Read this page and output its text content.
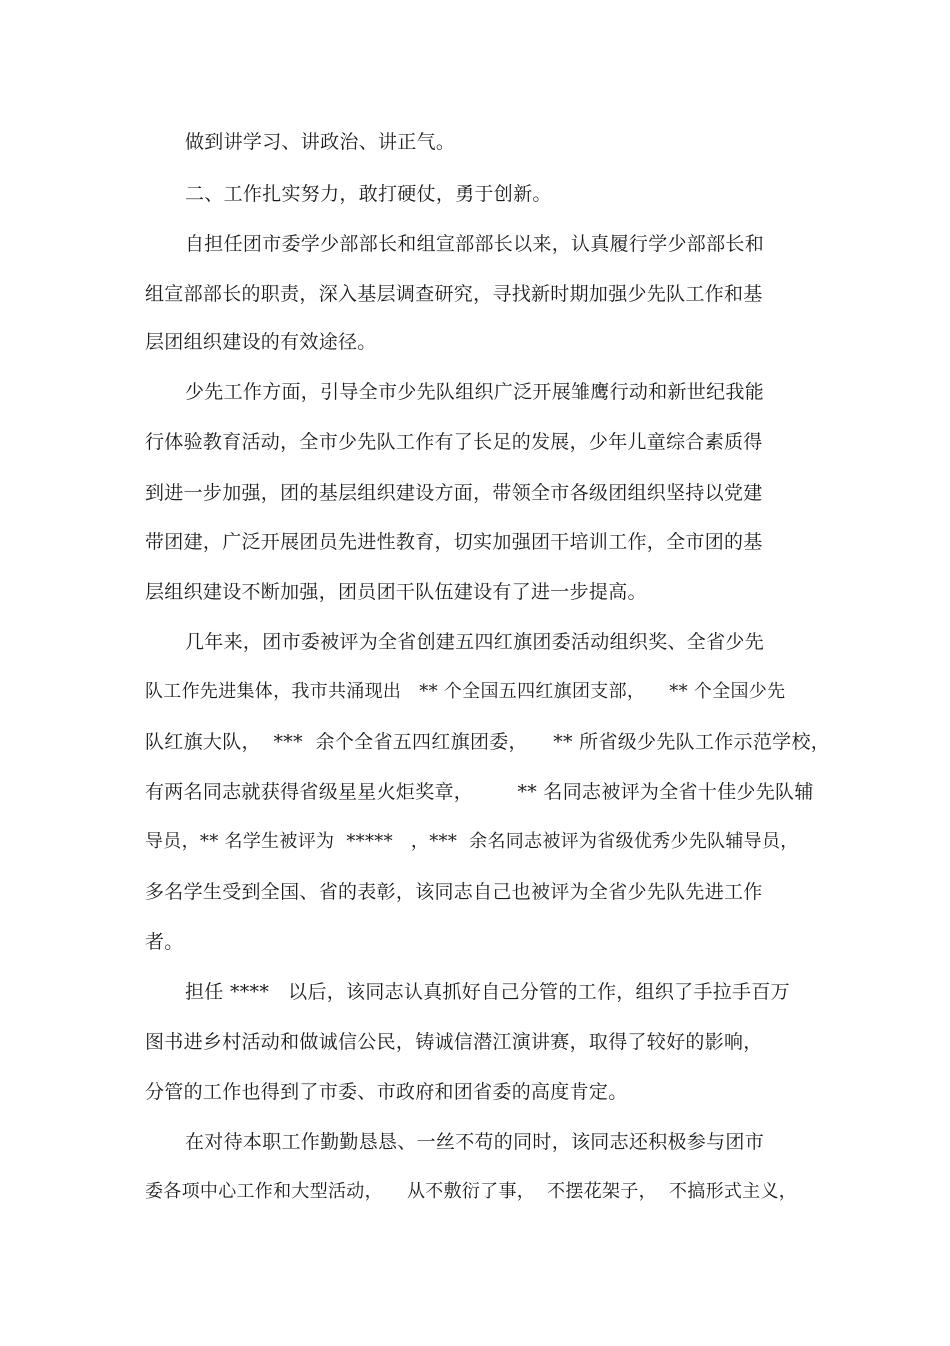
做到讲学习、讲政治、讲正气。
二、工作扎实努力，敢打硬仗，勇于创新。
自担任团市委学少部部长和组宣部部长以来，认真履行学少部部长和
组宣部部长的职责，深入基层调查研究，寻找新时期加强少先队工作和基
层团组织建设的有效途径。
少先工作方面，引导全市少先队组织广泛开展雏鹰行动和新世纪我能
行体验教育活动，全市少先队工作有了长足的发展，少年儿童综合素质得
到进一步加强，团的基层组织建设方面，带领全市各级团组织坚持以党建
带团建，广泛开展团员先进性教育，切实加强团干培训工作，全市团的基
层组织建设不断加强，团员团干队伍建设有了进一步提高。
几年来，团市委被评为全省创建五四红旗团委活动组织奖、全省少先
队工作先进集体，我市共涌现出   ** 个全国五四红旗团支部，    ** 个全国少先
队红旗大队，  ***  余个全省五四红旗团委，    ** 所省级少先队工作示范学校，
有两名同志就获得省级星星火炬奖章，       ** 名同志被评为全省十佳少先队辅
导员，** 名学生被评为  *****   ，***  余名同志被评为省级优秀少先队辅导员，
多名学生受到全国、省的表彰，该同志自己也被评为全省少先队先进工作
者。
担任 ****   以后，该同志认真抓好自己分管的工作，组织了手拉手百万
图书进乡村活动和做诚信公民，铸诚信潜江演讲赛，取得了较好的影响，
分管的工作也得到了市委、市政府和团省委的高度肯定。
在对待本职工作勤勤恳恳、一丝不苟的同时，该同志还积极参与团市
委各项中心工作和大型活动，    从不敷衍了事，  不摆花架子，  不搞形式主义，
